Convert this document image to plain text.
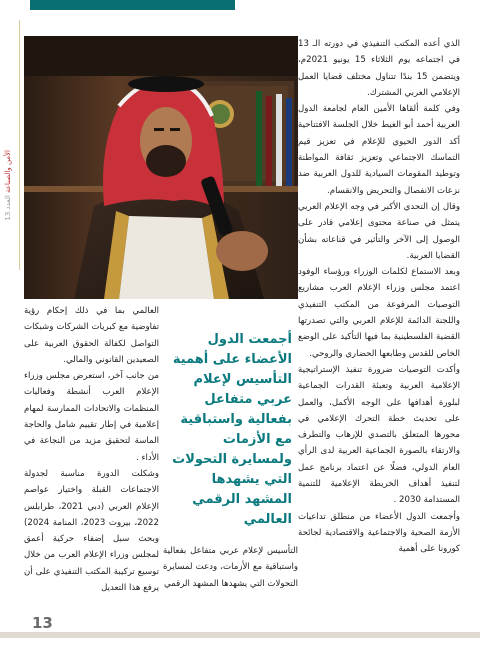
الأمن والصناعة العدد 13

الذي أعده المكتب التنفيذي في دورته الـ 13 في اجتماعه يوم الثلاثاء 15 يونيو 2021م، ويتضمن 15 بندًا تتناول مختلف قضايا العمل الإعلامي العربي المشترك.

وفي كلمة ألقاها الأمين العام لجامعة الدول العربية أحمد أبو الغيط خلال الجلسة الافتتاحية أكد الدور الحيوي للإعلام في تعزيز قيم التماسك الاجتماعي وتعزيز ثقافة المواطنة وتوطيد المقومات السيادية للدول العربية ضد نزعات الانفصال والتحريض والانقسام.

وقال إن التحدي الأكبر في وجه الإعلام العربي يتمثل في صناعة محتوى إعلامي قادر على الوصول إلى الآخر والتأثير في قناعاته بشأن القضايا العربية.

وبعد الاستماع لكلمات الوزراء ورؤساء الوفود اعتمد مجلس وزراء الإعلام العرب مشاريع التوصيات المرفوعة من المكتب التنفيذي واللجنة الدائمة للإعلام العربي والتي تصدرتها القضية الفلسطينية بما فيها التأكيد على الوضع الخاص للقدس وطابعها الحضاري والروحي.

وأكدت التوصيات ضرورة تنفيذ الإستراتيجية الإعلامية العربية وتعبئة القدرات الجماعية لبلورة أهدافها على الوجه الأكمل، والعمل على تحديث خطة التحرك الإعلامي في محورها المتعلق بالتصدي للإرهاب والتطرف والارتقاء بالصورة الجماعية العربية لدى الرأي العام الدولي، فضلًا عن اعتماد برنامج عمل لتنفيذ أهداف الخريطة الإعلامية للتنمية المستدامة 2030 .

وأجمعت الدول الأعضاء من منطلق تداعيات الأزمة الصحية والاجتماعية والاقتصادية لجائحة كورونا على أهمية

أجمعت الدول الأعضاء على أهمية التأسيس لإعلام عربي متفاعل بفعالية واستباقية مع الأزمات ولمسايرة التحولات التي يشهدها المشهد الرقمي العالمي

التأسيس لإعلام عربي متفاعل بفعالية واستباقية مع الأزمات، ودعت لمسايرة التحولات التي يشهدها المشهد الرقمي

العالمي بما في ذلك إحكام رؤية تفاوضية مع كبريات الشركات وشبكات التواصل لكفالة الحقوق العربية على الصعيدين القانوني والمالي.

من جانب آخر، استعرض مجلس وزراء الإعلام العرب أنشطة وفعاليات المنظمات والاتحادات الممارسة لمهام إعلامية في إطار تقييم شامل والحاجة الماسة لتحقيق مزيد من النجاعة في الأداء .

وشكلت الدورة مناسبة لجدولة الاجتماعات القبلة واختيار عواصم الإعلام العربي (دبي 2021، طرابلس 2022، بيروت 2023، المنامة 2024) وبحث سبل إضفاء حركية أعمق لمجلس وزراء الإعلام العرب من خلال توسيع تركيبة المكتب التنفيذي على أن يرفع هذا التعديل

13
